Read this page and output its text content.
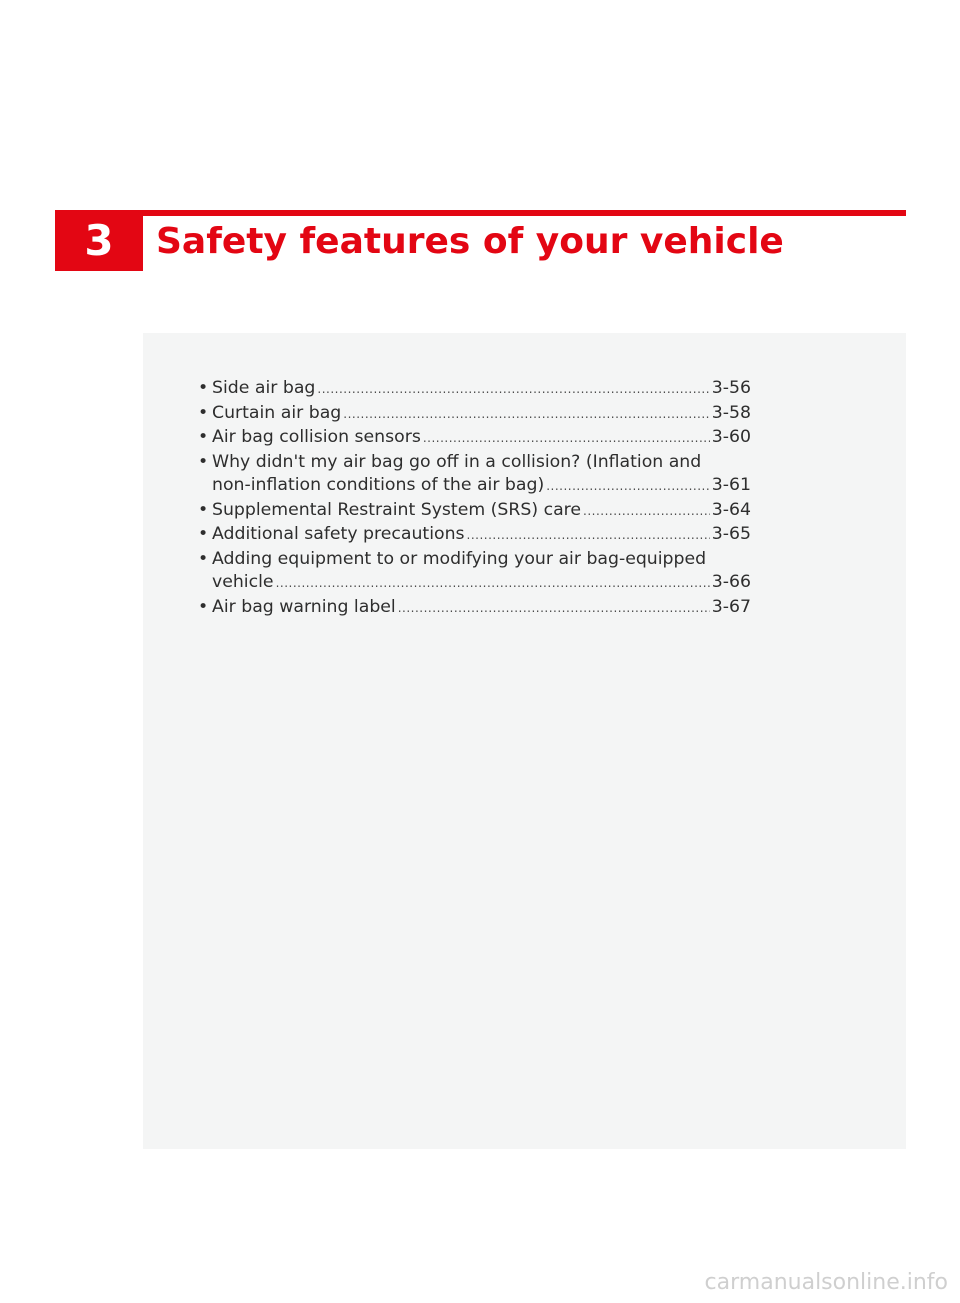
3	Safety features of your vehicle
• Side air bag .....	3-56
• Curtain air bag .....	3-58
• Air bag collision sensors .....	3-60
• Why didn't my air bag go off in a collision? (Inflation and
non-inflation conditions of the air bag) .....	3-61
• Supplemental Restraint System (SRS) care .....	3-64
• Additional safety precautions .....	3-65
• Adding equipment to or modifying your air bag-equipped
vehicle .....	3-66
• Air bag warning label .....	3-67
carmanualsonline.info
